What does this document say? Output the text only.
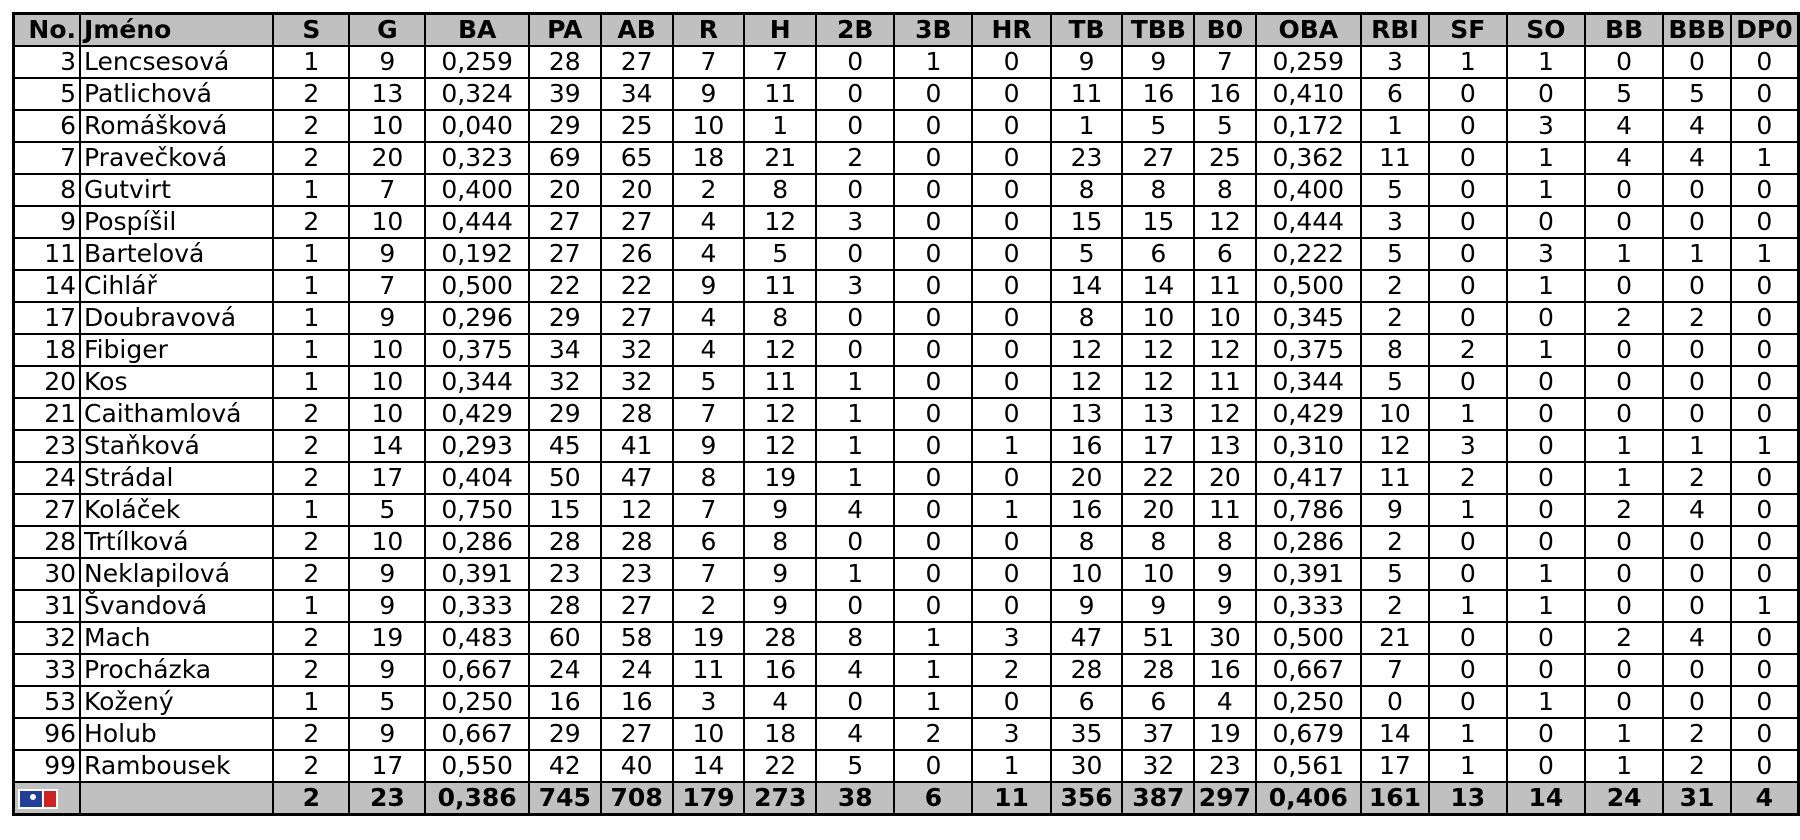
No.	Jméno	S	G	BA	PA	AB	R	H	2B	3B	HR	TB	TBB	B0	OBA	RBI	SF	SO	BB	BBB	DP0
3	Lencsesová	1	9	0,259	28	27	7	7	0	1	0	9	9	7	0,259	3	1	1	0	0	0
5	Patlichová	2	13	0,324	39	34	9	11	0	0	0	11	16	16	0,410	6	0	0	5	5	0
6	Romášková	2	10	0,040	29	25	10	1	0	0	0	1	5	5	0,172	1	0	3	4	4	0
7	Pravečková	2	20	0,323	69	65	18	21	2	0	0	23	27	25	0,362	11	0	1	4	4	1
8	Gutvirt	1	7	0,400	20	20	2	8	0	0	0	8	8	8	0,400	5	0	1	0	0	0
9	Pospíšil	2	10	0,444	27	27	4	12	3	0	0	15	15	12	0,444	3	0	0	0	0	0
11	Bartelová	1	9	0,192	27	26	4	5	0	0	0	5	6	6	0,222	5	0	3	1	1	1
14	Cihlář	1	7	0,500	22	22	9	11	3	0	0	14	14	11	0,500	2	0	1	0	0	0
17	Doubravová	1	9	0,296	29	27	4	8	0	0	0	8	10	10	0,345	2	0	0	2	2	0
18	Fibiger	1	10	0,375	34	32	4	12	0	0	0	12	12	12	0,375	8	2	1	0	0	0
20	Kos	1	10	0,344	32	32	5	11	1	0	0	12	12	11	0,344	5	0	0	0	0	0
21	Caithamlová	2	10	0,429	29	28	7	12	1	0	0	13	13	12	0,429	10	1	0	0	0	0
23	Staňková	2	14	0,293	45	41	9	12	1	0	1	16	17	13	0,310	12	3	0	1	1	1
24	Strádal	2	17	0,404	50	47	8	19	1	0	0	20	22	20	0,417	11	2	0	1	2	0
27	Koláček	1	5	0,750	15	12	7	9	4	0	1	16	20	11	0,786	9	1	0	2	4	0
28	Trtílková	2	10	0,286	28	28	6	8	0	0	0	8	8	8	0,286	2	0	0	0	0	0
30	Neklapilová	2	9	0,391	23	23	7	9	1	0	0	10	10	9	0,391	5	0	1	0	0	0
31	Švandová	1	9	0,333	28	27	2	9	0	0	0	9	9	9	0,333	2	1	1	0	0	1
32	Mach	2	19	0,483	60	58	19	28	8	1	3	47	51	30	0,500	21	0	0	2	4	0
33	Procházka	2	9	0,667	24	24	11	16	4	1	2	28	28	16	0,667	7	0	0	0	0	0
53	Kožený	1	5	0,250	16	16	3	4	0	1	0	6	6	4	0,250	0	0	1	0	0	0
96	Holub	2	9	0,667	29	27	10	18	4	2	3	35	37	19	0,679	14	1	0	1	2	0
99	Rambousek	2	17	0,550	42	40	14	22	5	0	1	30	32	23	0,561	17	1	0	1	2	0
		2	23	0,386	745	708	179	273	38	6	11	356	387	297	0,406	161	13	14	24	31	4
